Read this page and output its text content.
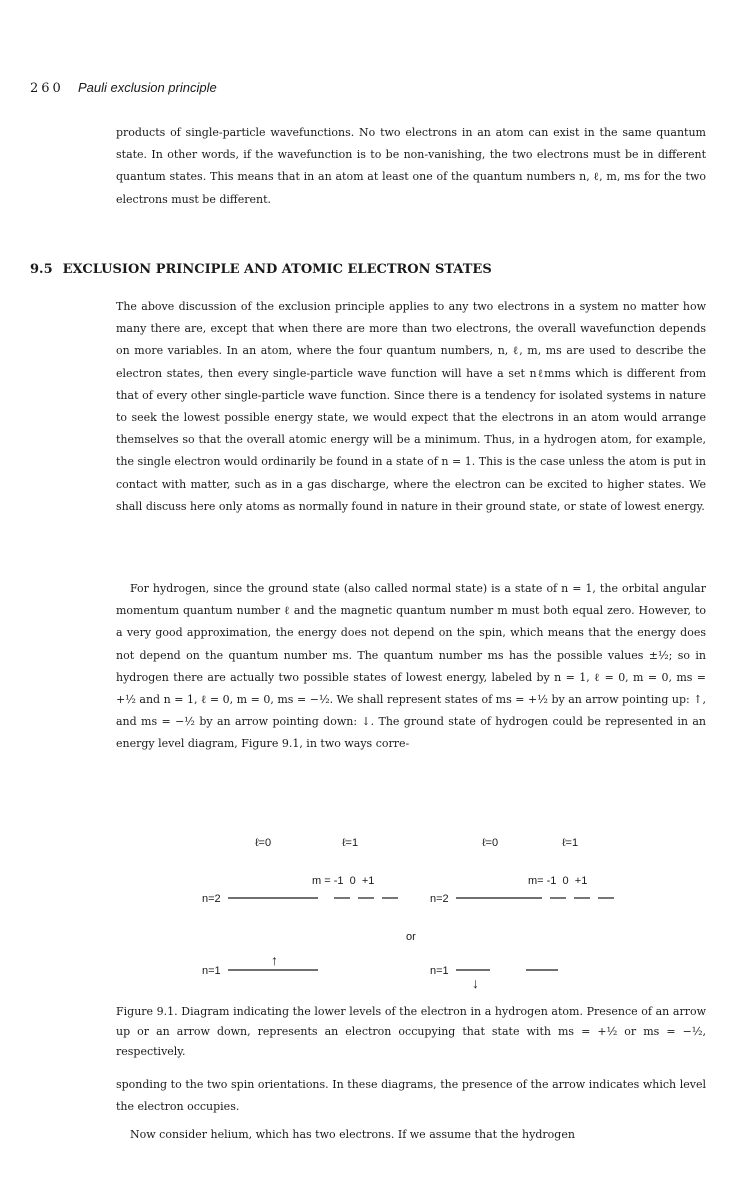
260 Pauli exclusion principle

products of single-particle wavefunctions. No two electrons in an atom can exist in the same quantum state. In other words, if the wavefunction is to be non-vanishing, the two electrons must be in different quantum states. This means that in an atom at least one of the quantum numbers n, ℓ, m, ms for the two electrons must be different.

9.5 EXCLUSION PRINCIPLE AND ATOMIC ELECTRON STATES

The above discussion of the exclusion principle applies to any two electrons in a system no matter how many there are, except that when there are more than two electrons, the overall wavefunction depends on more variables. In an atom, where the four quantum numbers, n, ℓ, m, ms are used to describe the electron states, then every single-particle wave function will have a set nℓmms which is different from that of every other single-particle wave function. Since there is a tendency for isolated systems in nature to seek the lowest possible energy state, we would expect that the electrons in an atom would arrange themselves so that the overall atomic energy will be a minimum. Thus, in a hydrogen atom, for example, the single electron would ordinarily be found in a state of n = 1. This is the case unless the atom is put in contact with matter, such as in a gas discharge, where the electron can be excited to higher states. We shall discuss here only atoms as normally found in nature in their ground state, or state of lowest energy.

For hydrogen, since the ground state (also called normal state) is a state of n = 1, the orbital angular momentum quantum number ℓ and the magnetic quantum number m must both equal zero. However, to a very good approximation, the energy does not depend on the spin, which means that the energy does not depend on the quantum number ms. The quantum number ms has the possible values ±½; so in hydrogen there are actually two possible states of lowest energy, labeled by n = 1, ℓ = 0, m = 0, ms = +½ and n = 1, ℓ = 0, m = 0, ms = −½. We shall represent states of ms = +½ by an arrow pointing up: ↑, and ms = −½ by an arrow pointing down: ↓. The ground state of hydrogen could be represented in an energy level diagram, Figure 9.1, in two ways corre-

ℓ=0	ℓ=1
m = -1  0  +1
n=2
n=1
↑
or
ℓ=0	ℓ=1
m= -1  0  +1
n=2
n=1
↓

Figure 9.1. Diagram indicating the lower levels of the electron in a hydrogen atom. Presence of an arrow up or an arrow down, represents an electron occupying that state with ms = +½ or ms = −½, respectively.

sponding to the two spin orientations. In these diagrams, the presence of the arrow indicates which level the electron occupies.

Now consider helium, which has two electrons. If we assume that the hydrogen
